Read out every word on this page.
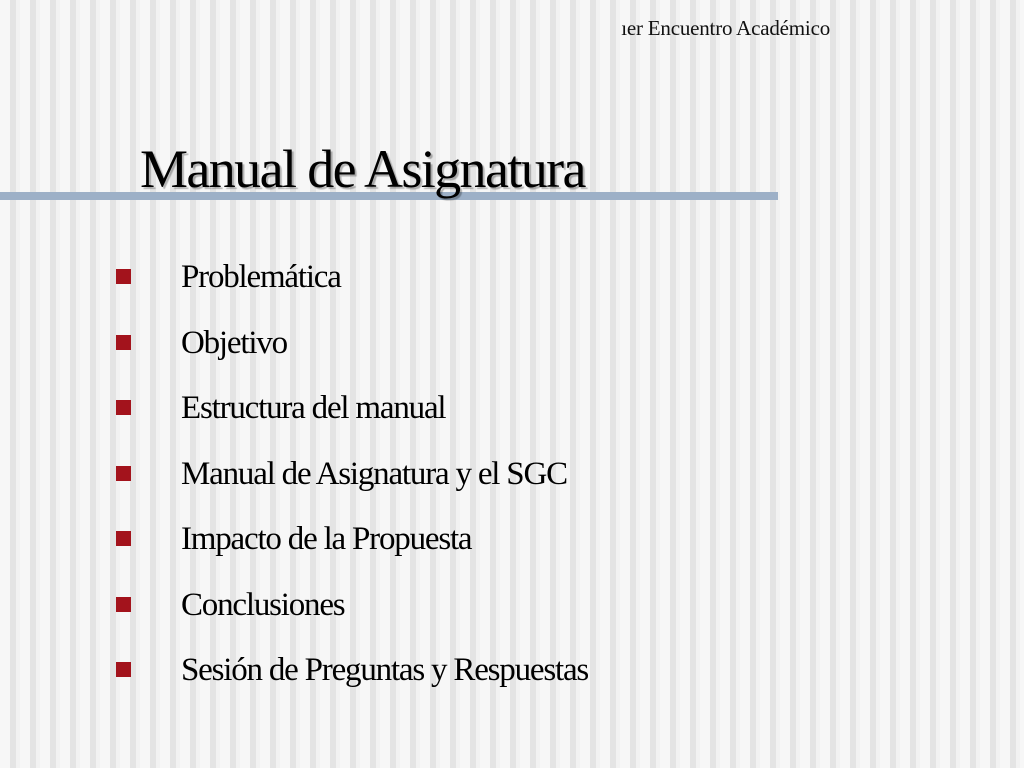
ıer Encuentro Académico
Manual de Asignatura
Problemática
Objetivo
Estructura del manual
Manual de Asignatura y el SGC
Impacto de la Propuesta
Conclusiones
Sesión de Preguntas y Respuestas
